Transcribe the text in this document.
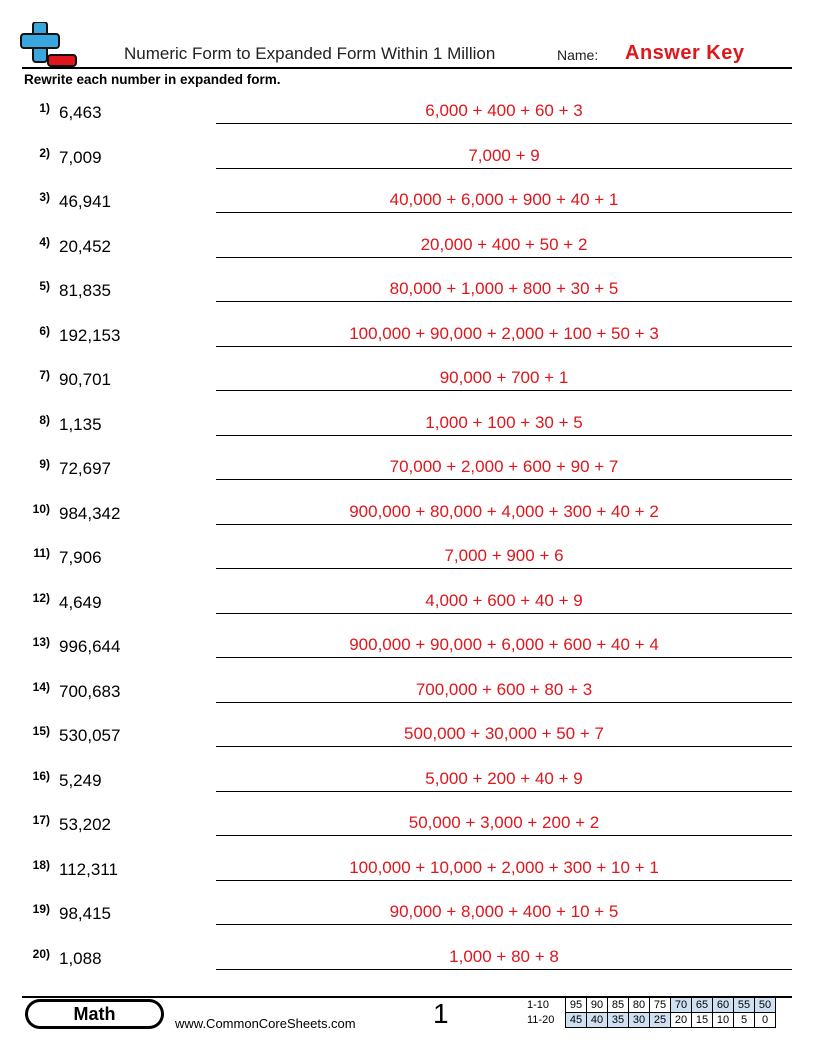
Numeric Form to Expanded Form Within 1 Million	Name: Answer Key
Rewrite each number in expanded form.
1) 6,463	6,000 + 400 + 60 + 3
2) 7,009	7,000 + 9
3) 46,941	40,000 + 6,000 + 900 + 40 + 1
4) 20,452	20,000 + 400 + 50 + 2
5) 81,835	80,000 + 1,000 + 800 + 30 + 5
6) 192,153	100,000 + 90,000 + 2,000 + 100 + 50 + 3
7) 90,701	90,000 + 700 + 1
8) 1,135	1,000 + 100 + 30 + 5
9) 72,697	70,000 + 2,000 + 600 + 90 + 7
10) 984,342	900,000 + 80,000 + 4,000 + 300 + 40 + 2
11) 7,906	7,000 + 900 + 6
12) 4,649	4,000 + 600 + 40 + 9
13) 996,644	900,000 + 90,000 + 6,000 + 600 + 40 + 4
14) 700,683	700,000 + 600 + 80 + 3
15) 530,057	500,000 + 30,000 + 50 + 7
16) 5,249	5,000 + 200 + 40 + 9
17) 53,202	50,000 + 3,000 + 200 + 2
18) 112,311	100,000 + 10,000 + 2,000 + 300 + 10 + 1
19) 98,415	90,000 + 8,000 + 400 + 10 + 5
20) 1,088	1,000 + 80 + 8
Math	www.CommonCoreSheets.com	1	1-10	95	90	85	80	75	70	65	60	55	50
11-20	45	40	35	30	25	20	15	10	5	0
